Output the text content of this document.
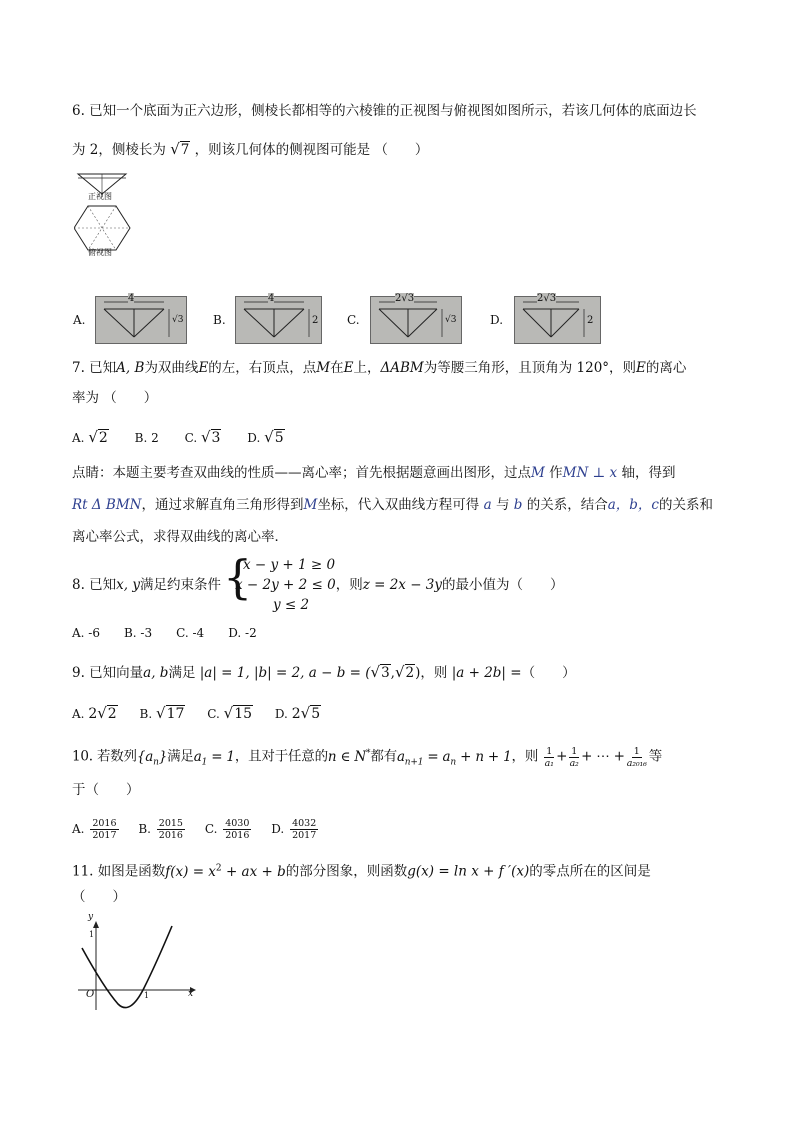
6. 已知一个底面为正六边形，侧棱长都相等的六棱锥的正视图与俯视图如图所示，若该几何体的底面边长
为 2，侧棱长为 √7 ，则该几何体的侧视图可能是 （　　）
正视图
俯视图
A.
4
√3 B.
4
2 C.
2√3
√3	D.
2√3
2
7. 已知A, B为双曲线E的左，右顶点，点M在E上，ΔABM为等腰三角形，且顶角为 120°，则E的离心
率为 （　　）
A. √2 B. 2 C. √3 D. √5
点睛：本题主要考查双曲线的性质——离心率；首先根据题意画出图形，过点M 作MN ⊥ x 轴，得到
Rt Δ BMN，通过求解直角三角形得到M坐标，代入双曲线方程可得 a 与 b 的关系，结合a，b，c的关系和
离心率公式，求得双曲线的离心率．
x − y + 1 ≥ 0
{
8. 已知x, y满足约束条件 x − 2y + 2 ≤ 0，则z = 2x − 3y的最小值为（　　）
y ≤ 2
A. -6　　B. -3　　C. -4　　D. -2
9. 已知向量a, b满足 |a| = 1, |b| = 2, a − b = (√3,√2)，则 |a + 2b| =（　　）
A. 2√2 B. √17 C. √15 D. 2√5
10. 若数列$\{a_n\}$满足$a_1 = 1$，且对于任意的n ∈ N*都有$a_{n+1} = a_n + n + 1$，则 $\frac{1}{\text{a₁}} + \frac{1}{\text{a₂}}$ + ⋯ + $\frac{1}{\text{a₂₀₁₆}}$ 等
于（　　）
A. $\frac{2016}{2017} B$. $\frac{2015}{2016} C$. $\frac{4030}{2016} D$. $\frac{4032}{2017}$
11. 如图是函数$f(x) = x^2$ + ax + b的部分图象，则函数g(x) = ln x + f ′(x)的零点所在的区间是
（　　）
y
x
O
1
1
